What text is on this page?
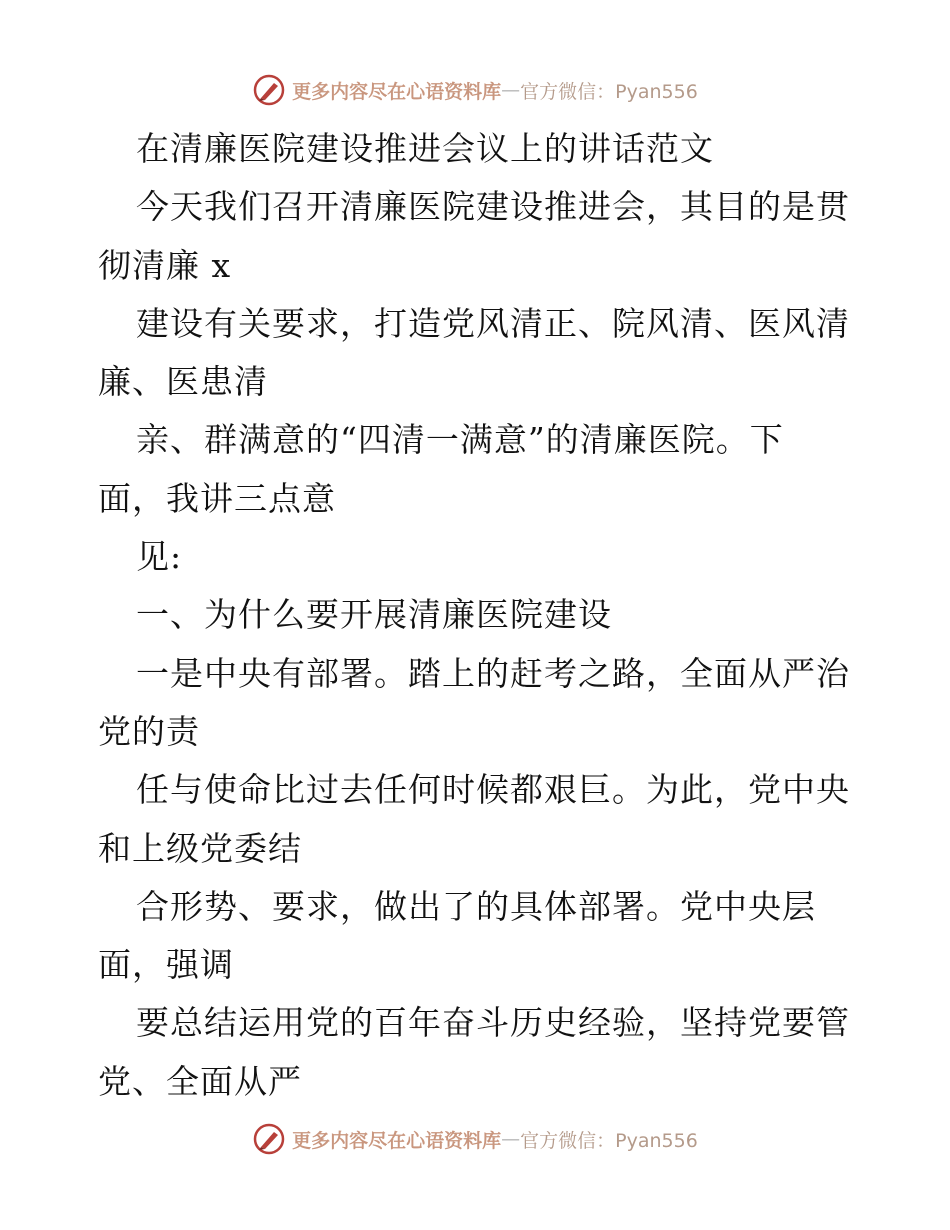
更多内容尽在心语资料库 — 官方微信：Pyan556
在清廉医院建设推进会议上的讲话范文
今天我们召开清廉医院建设推进会，其目的是贯
彻清廉 x
建设有关要求，打造党风清正、院风清、医风清
廉、医患清
亲、群满意的“四清一满意”的清廉医院。下
面，我讲三点意
见:
一、为什么要开展清廉医院建设
一是中央有部署。踏上的赶考之路，全面从严治
党的责
任与使命比过去任何时候都艰巨。为此，党中央
和上级党委结
合形势、要求，做出了的具体部署。党中央层
面，强调
要总结运用党的百年奋斗历史经验，坚持党要管
党、全面从严
更多内容尽在心语资料库 — 官方微信：Pyan556
